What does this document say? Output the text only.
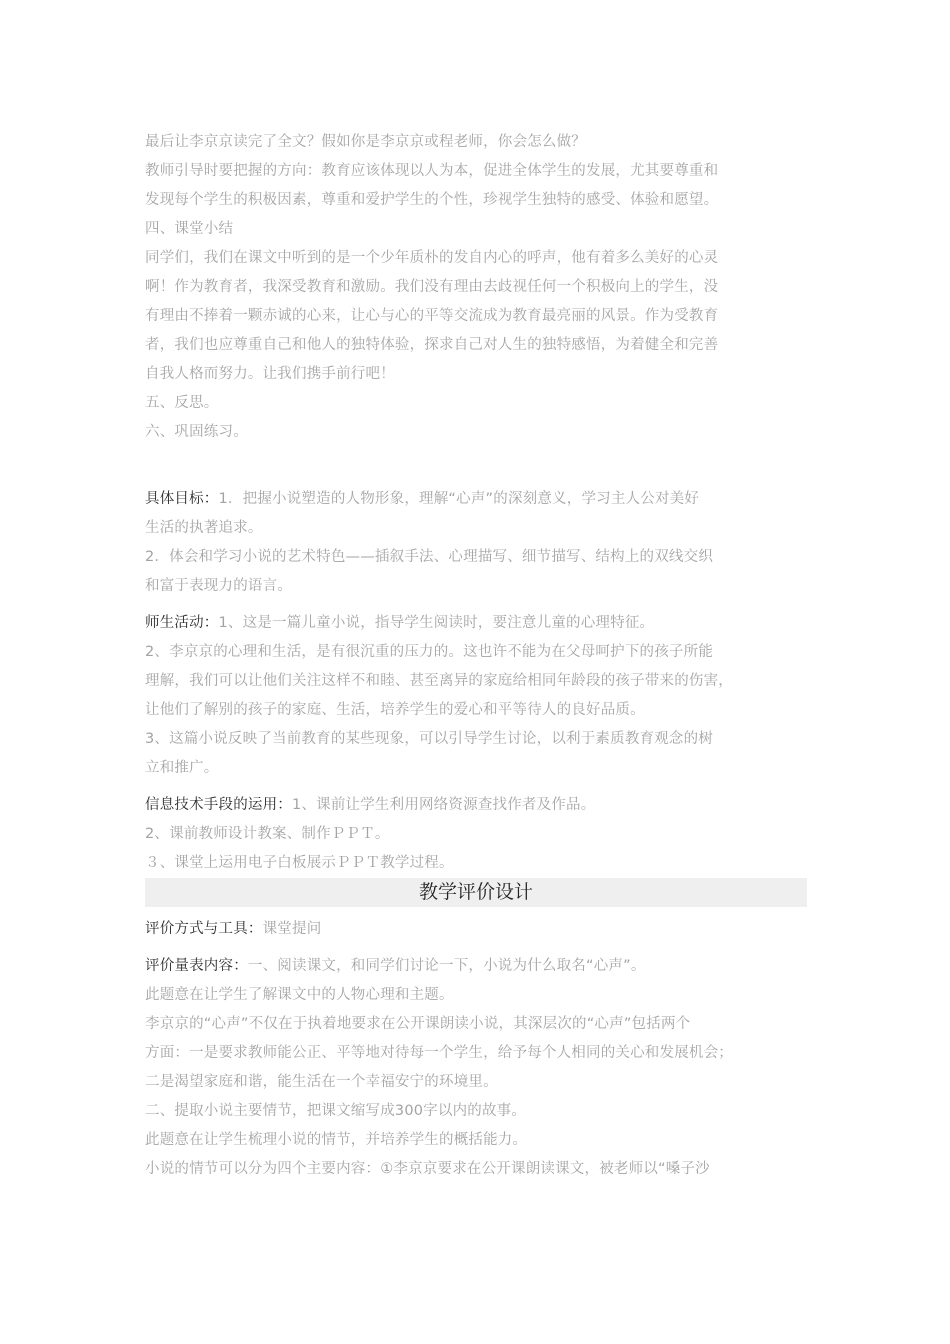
最后让李京京读完了全文？假如你是李京京或程老师，你会怎么做？
教师引导时要把握的方向：教育应该体现以人为本，促进全体学生的发展，尤其要尊重和
发现每个学生的积极因素，尊重和爱护学生的个性，珍视学生独特的感受、体验和愿望。
四、课堂小结
同学们，我们在课文中听到的是一个少年质朴的发自内心的呼声，他有着多么美好的心灵
啊！作为教育者，我深受教育和激励。我们没有理由去歧视任何一个积极向上的学生，没
有理由不捧着一颗赤诚的心来，让心与心的平等交流成为教育最亮丽的风景。作为受教育
者，我们也应尊重自己和他人的独特体验，探求自己对人生的独特感悟，为着健全和完善
自我人格而努力。让我们携手前行吧！
五、反思。
六、巩固练习。
具体目标：1．把握小说塑造的人物形象，理解“心声”的深刻意义，学习主人公对美好
生活的执著追求。
2．体会和学习小说的艺术特色——插叙手法、心理描写、细节描写、结构上的双线交织
和富于表现力的语言。
师生活动：1、这是一篇儿童小说，指导学生阅读时，要注意儿童的心理特征。
2、李京京的心理和生活，是有很沉重的压力的。这也许不能为在父母呵护下的孩子所能
理解，我们可以让他们关注这样不和睦、甚至离异的家庭给相同年龄段的孩子带来的伤害，
让他们了解别的孩子的家庭、生活，培养学生的爱心和平等待人的良好品质。
3、这篇小说反映了当前教育的某些现象，可以引导学生讨论，以利于素质教育观念的树
立和推广。
信息技术手段的运用：1、课前让学生利用网络资源查找作者及作品。
2、课前教师设计教案、制作ＰＰＴ。
３、课堂上运用电子白板展示ＰＰＴ教学过程。
教学评价设计
评价方式与工具：课堂提问
评价量表内容：一、阅读课文，和同学们讨论一下，小说为什么取名“心声”。
此题意在让学生了解课文中的人物心理和主题。
李京京的“心声”不仅在于执着地要求在公开课朗读小说，其深层次的“心声”包括两个
方面：一是要求教师能公正、平等地对待每一个学生，给予每个人相同的关心和发展机会；
二是渴望家庭和谐，能生活在一个幸福安宁的环境里。
二、提取小说主要情节，把课文缩写成300字以内的故事。
此题意在让学生梳理小说的情节，并培养学生的概括能力。
小说的情节可以分为四个主要内容：①李京京要求在公开课朗读课文，被老师以“嗓子沙
